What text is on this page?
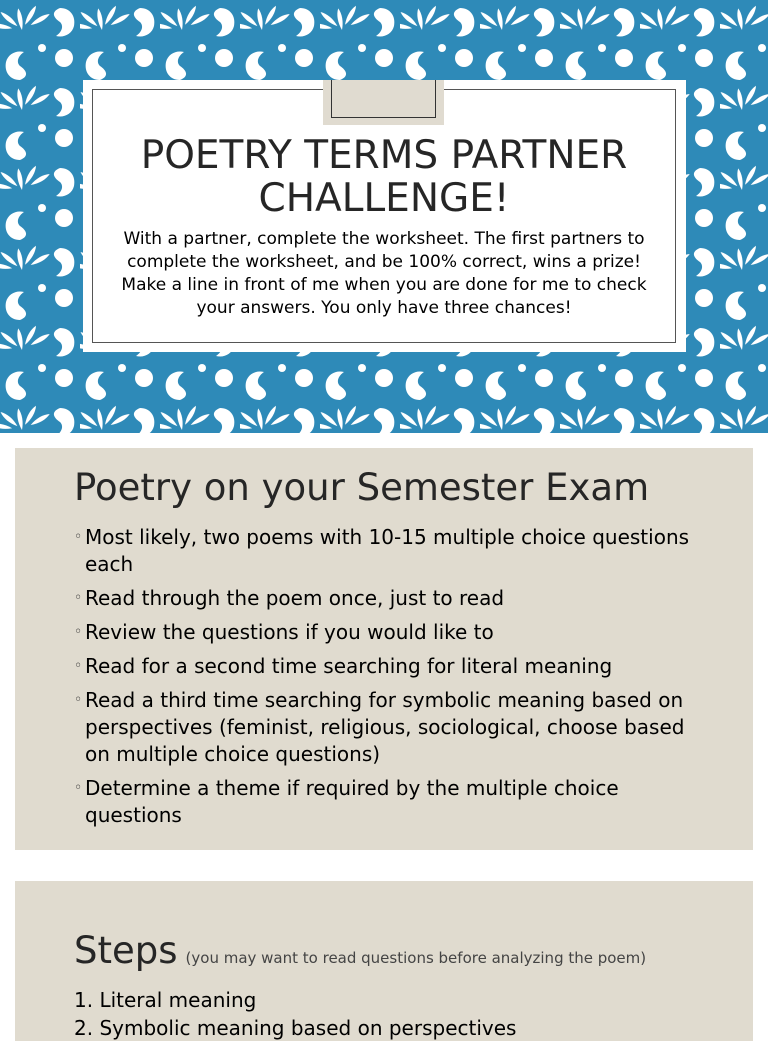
POETRY TERMS PARTNER CHALLENGE!
With a partner, complete the worksheet. The first partners to complete the worksheet, and be 100% correct, wins a prize! Make a line in front of me when you are done for me to check your answers. You only have three chances!
Poetry on your Semester Exam
◦ Most likely, two poems with 10-15 multiple choice questions each
◦ Read through the poem once, just to read
◦ Review the questions if you would like to
◦ Read for a second time searching for literal meaning
◦ Read a third time searching for symbolic meaning based on perspectives (feminist, religious, sociological, choose based on multiple choice questions)
◦ Determine a theme if required by the multiple choice questions
Steps (you may want to read questions before analyzing the poem)
1. Literal meaning
2. Symbolic meaning based on perspectives
